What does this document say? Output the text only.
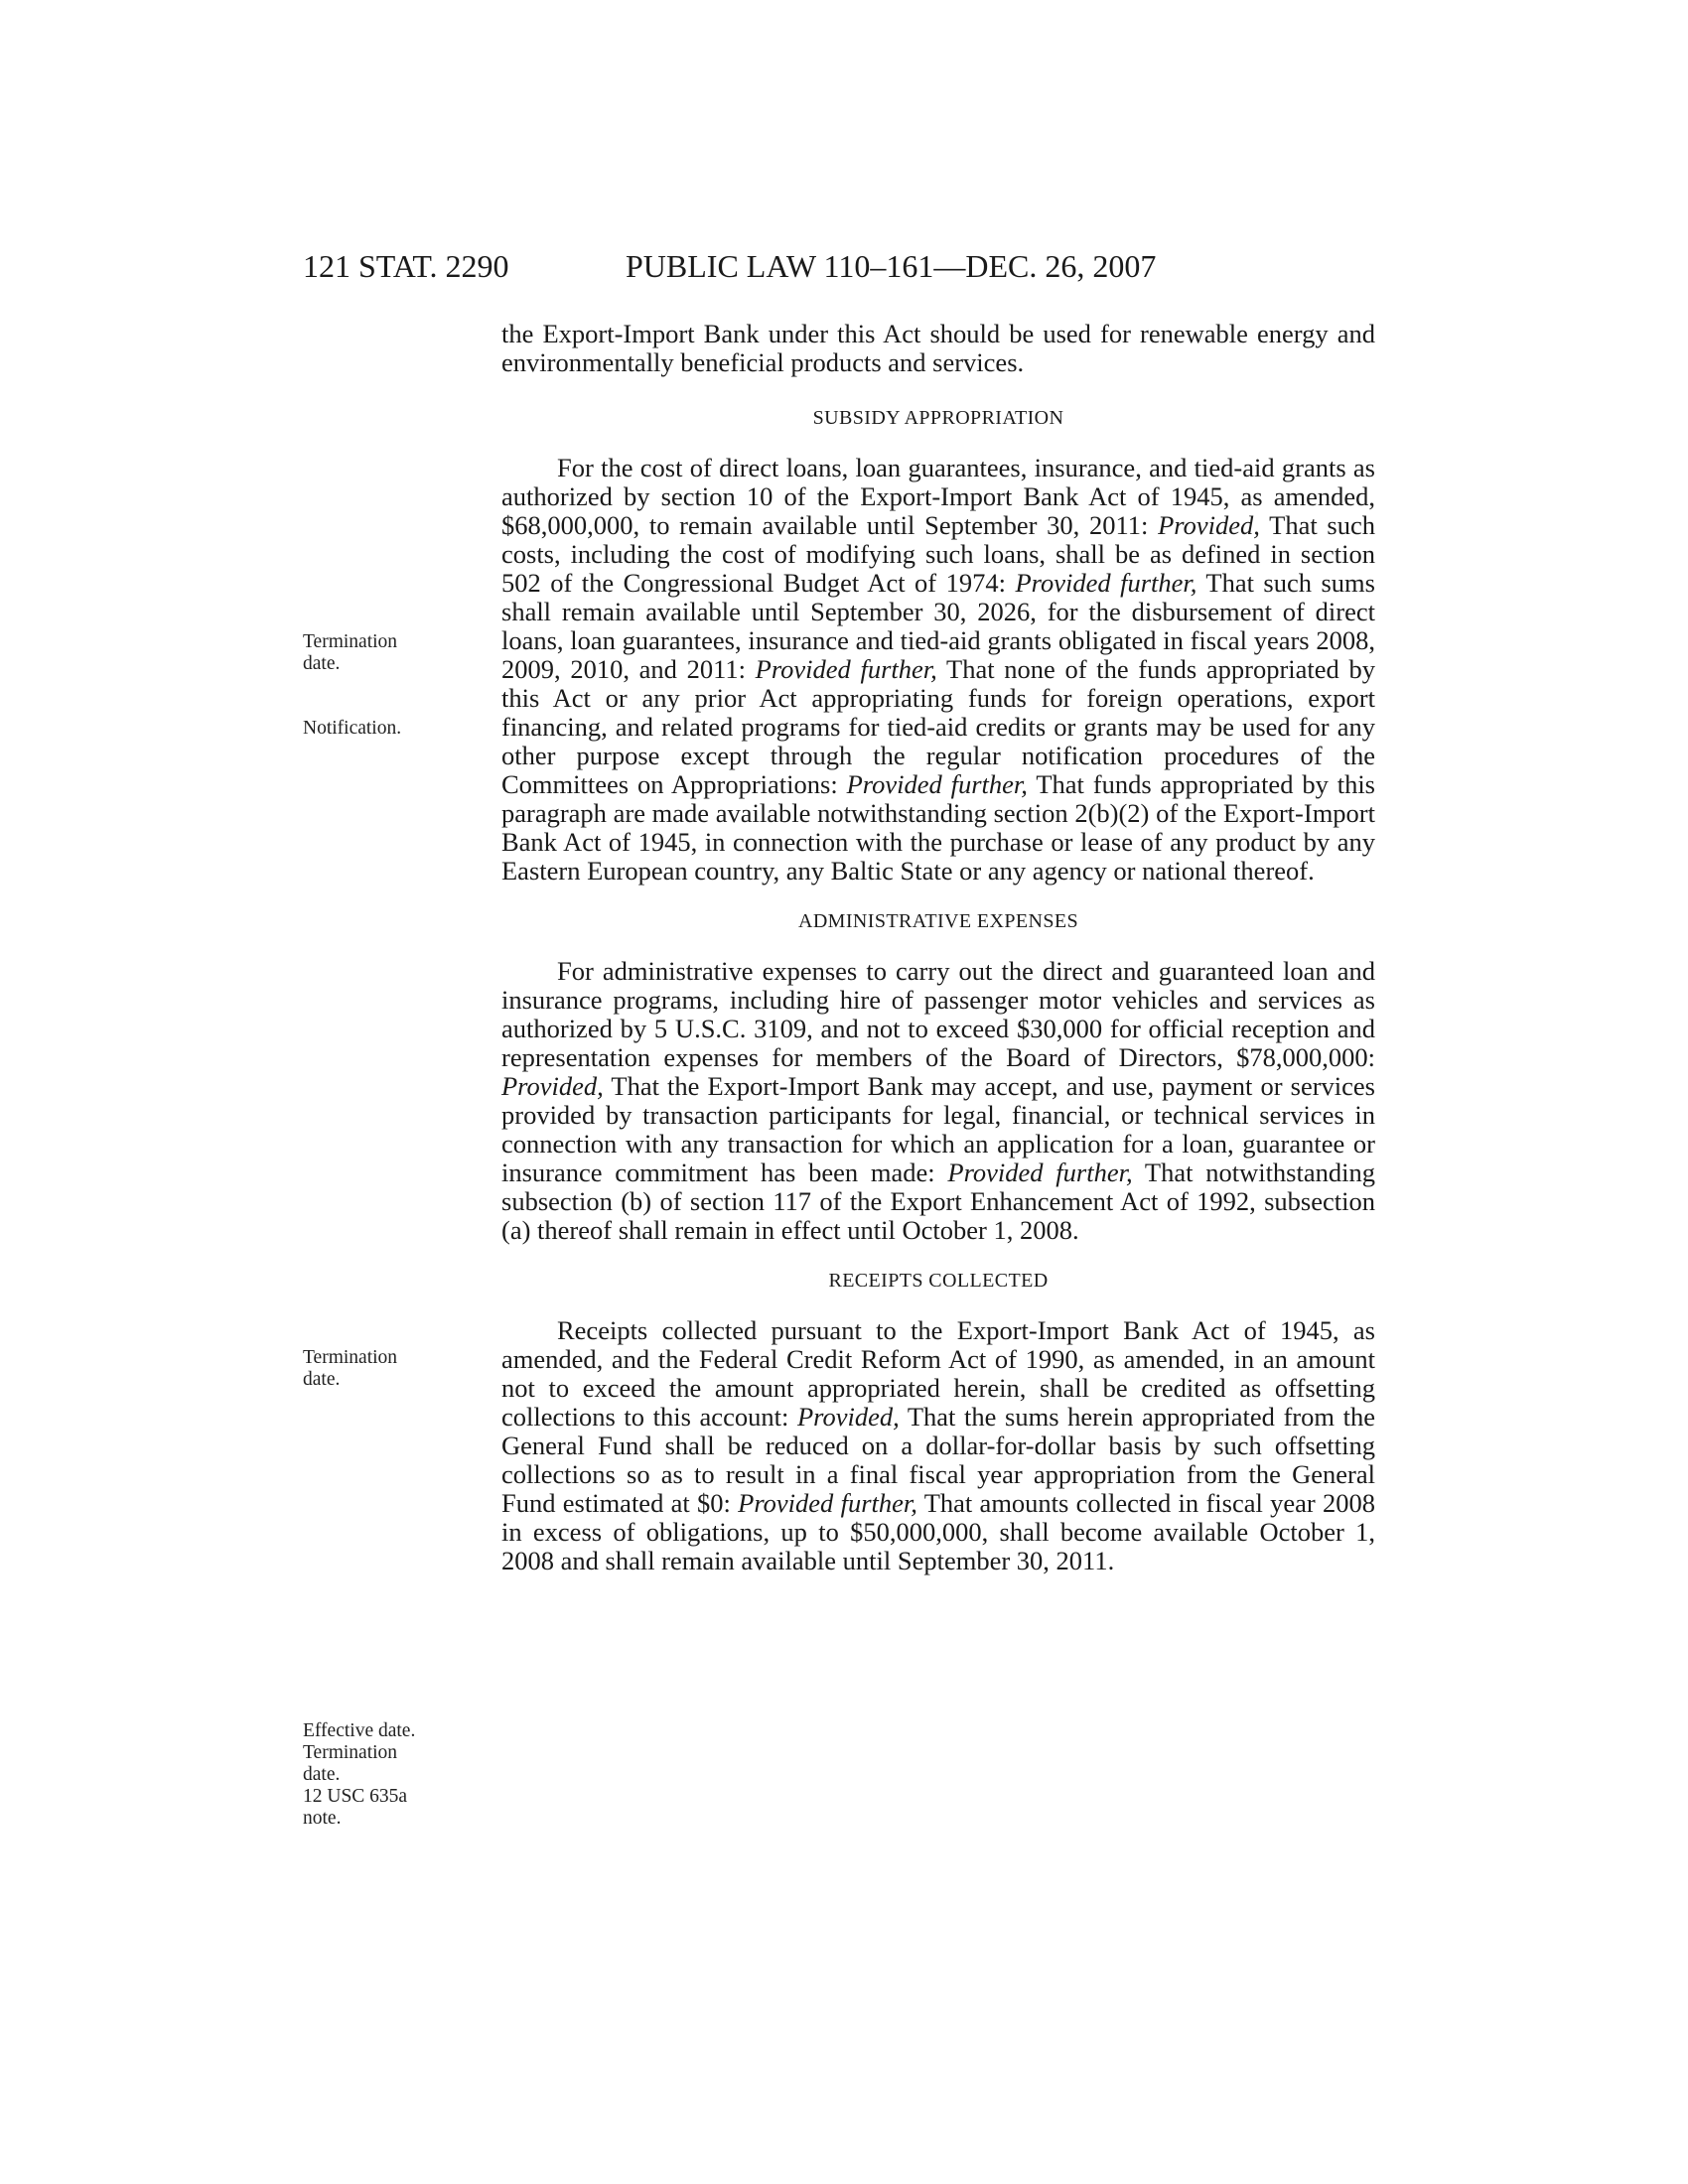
121 STAT. 2290	PUBLIC LAW 110–161—DEC. 26, 2007

the Export-Import Bank under this Act should be used for renewable energy and environmentally beneficial products and services.

SUBSIDY APPROPRIATION

For the cost of direct loans, loan guarantees, insurance, and tied-aid grants as authorized by section 10 of the Export-Import Bank Act of 1945, as amended, $68,000,000, to remain available until September 30, 2011: Provided, That such costs, including the cost of modifying such loans, shall be as defined in section 502 of the Congressional Budget Act of 1974: Provided further, That such sums shall remain available until September 30, 2026, for the disbursement of direct loans, loan guarantees, insurance and tied-aid grants obligated in fiscal years 2008, 2009, 2010, and 2011: Provided further, That none of the funds appropriated by this Act or any prior Act appropriating funds for foreign operations, export financing, and related programs for tied-aid credits or grants may be used for any other purpose except through the regular notification procedures of the Committees on Appropriations: Provided further, That funds appropriated by this paragraph are made available notwithstanding section 2(b)(2) of the Export-Import Bank Act of 1945, in connection with the purchase or lease of any product by any Eastern European country, any Baltic State or any agency or national thereof.

ADMINISTRATIVE EXPENSES

For administrative expenses to carry out the direct and guaranteed loan and insurance programs, including hire of passenger motor vehicles and services as authorized by 5 U.S.C. 3109, and not to exceed $30,000 for official reception and representation expenses for members of the Board of Directors, $78,000,000: Provided, That the Export-Import Bank may accept, and use, payment or services provided by transaction participants for legal, financial, or technical services in connection with any transaction for which an application for a loan, guarantee or insurance commitment has been made: Provided further, That notwithstanding subsection (b) of section 117 of the Export Enhancement Act of 1992, subsection (a) thereof shall remain in effect until October 1, 2008.

RECEIPTS COLLECTED

Receipts collected pursuant to the Export-Import Bank Act of 1945, as amended, and the Federal Credit Reform Act of 1990, as amended, in an amount not to exceed the amount appropriated herein, shall be credited as offsetting collections to this account: Provided, That the sums herein appropriated from the General Fund shall be reduced on a dollar-for-dollar basis by such offsetting collections so as to result in a final fiscal year appropriation from the General Fund estimated at $0: Provided further, That amounts collected in fiscal year 2008 in excess of obligations, up to $50,000,000, shall become available October 1, 2008 and shall remain available until September 30, 2011.

Termination
date.
Notification.
Termination
date.
Effective date.
Termination
date.
12 USC 635a
note.
